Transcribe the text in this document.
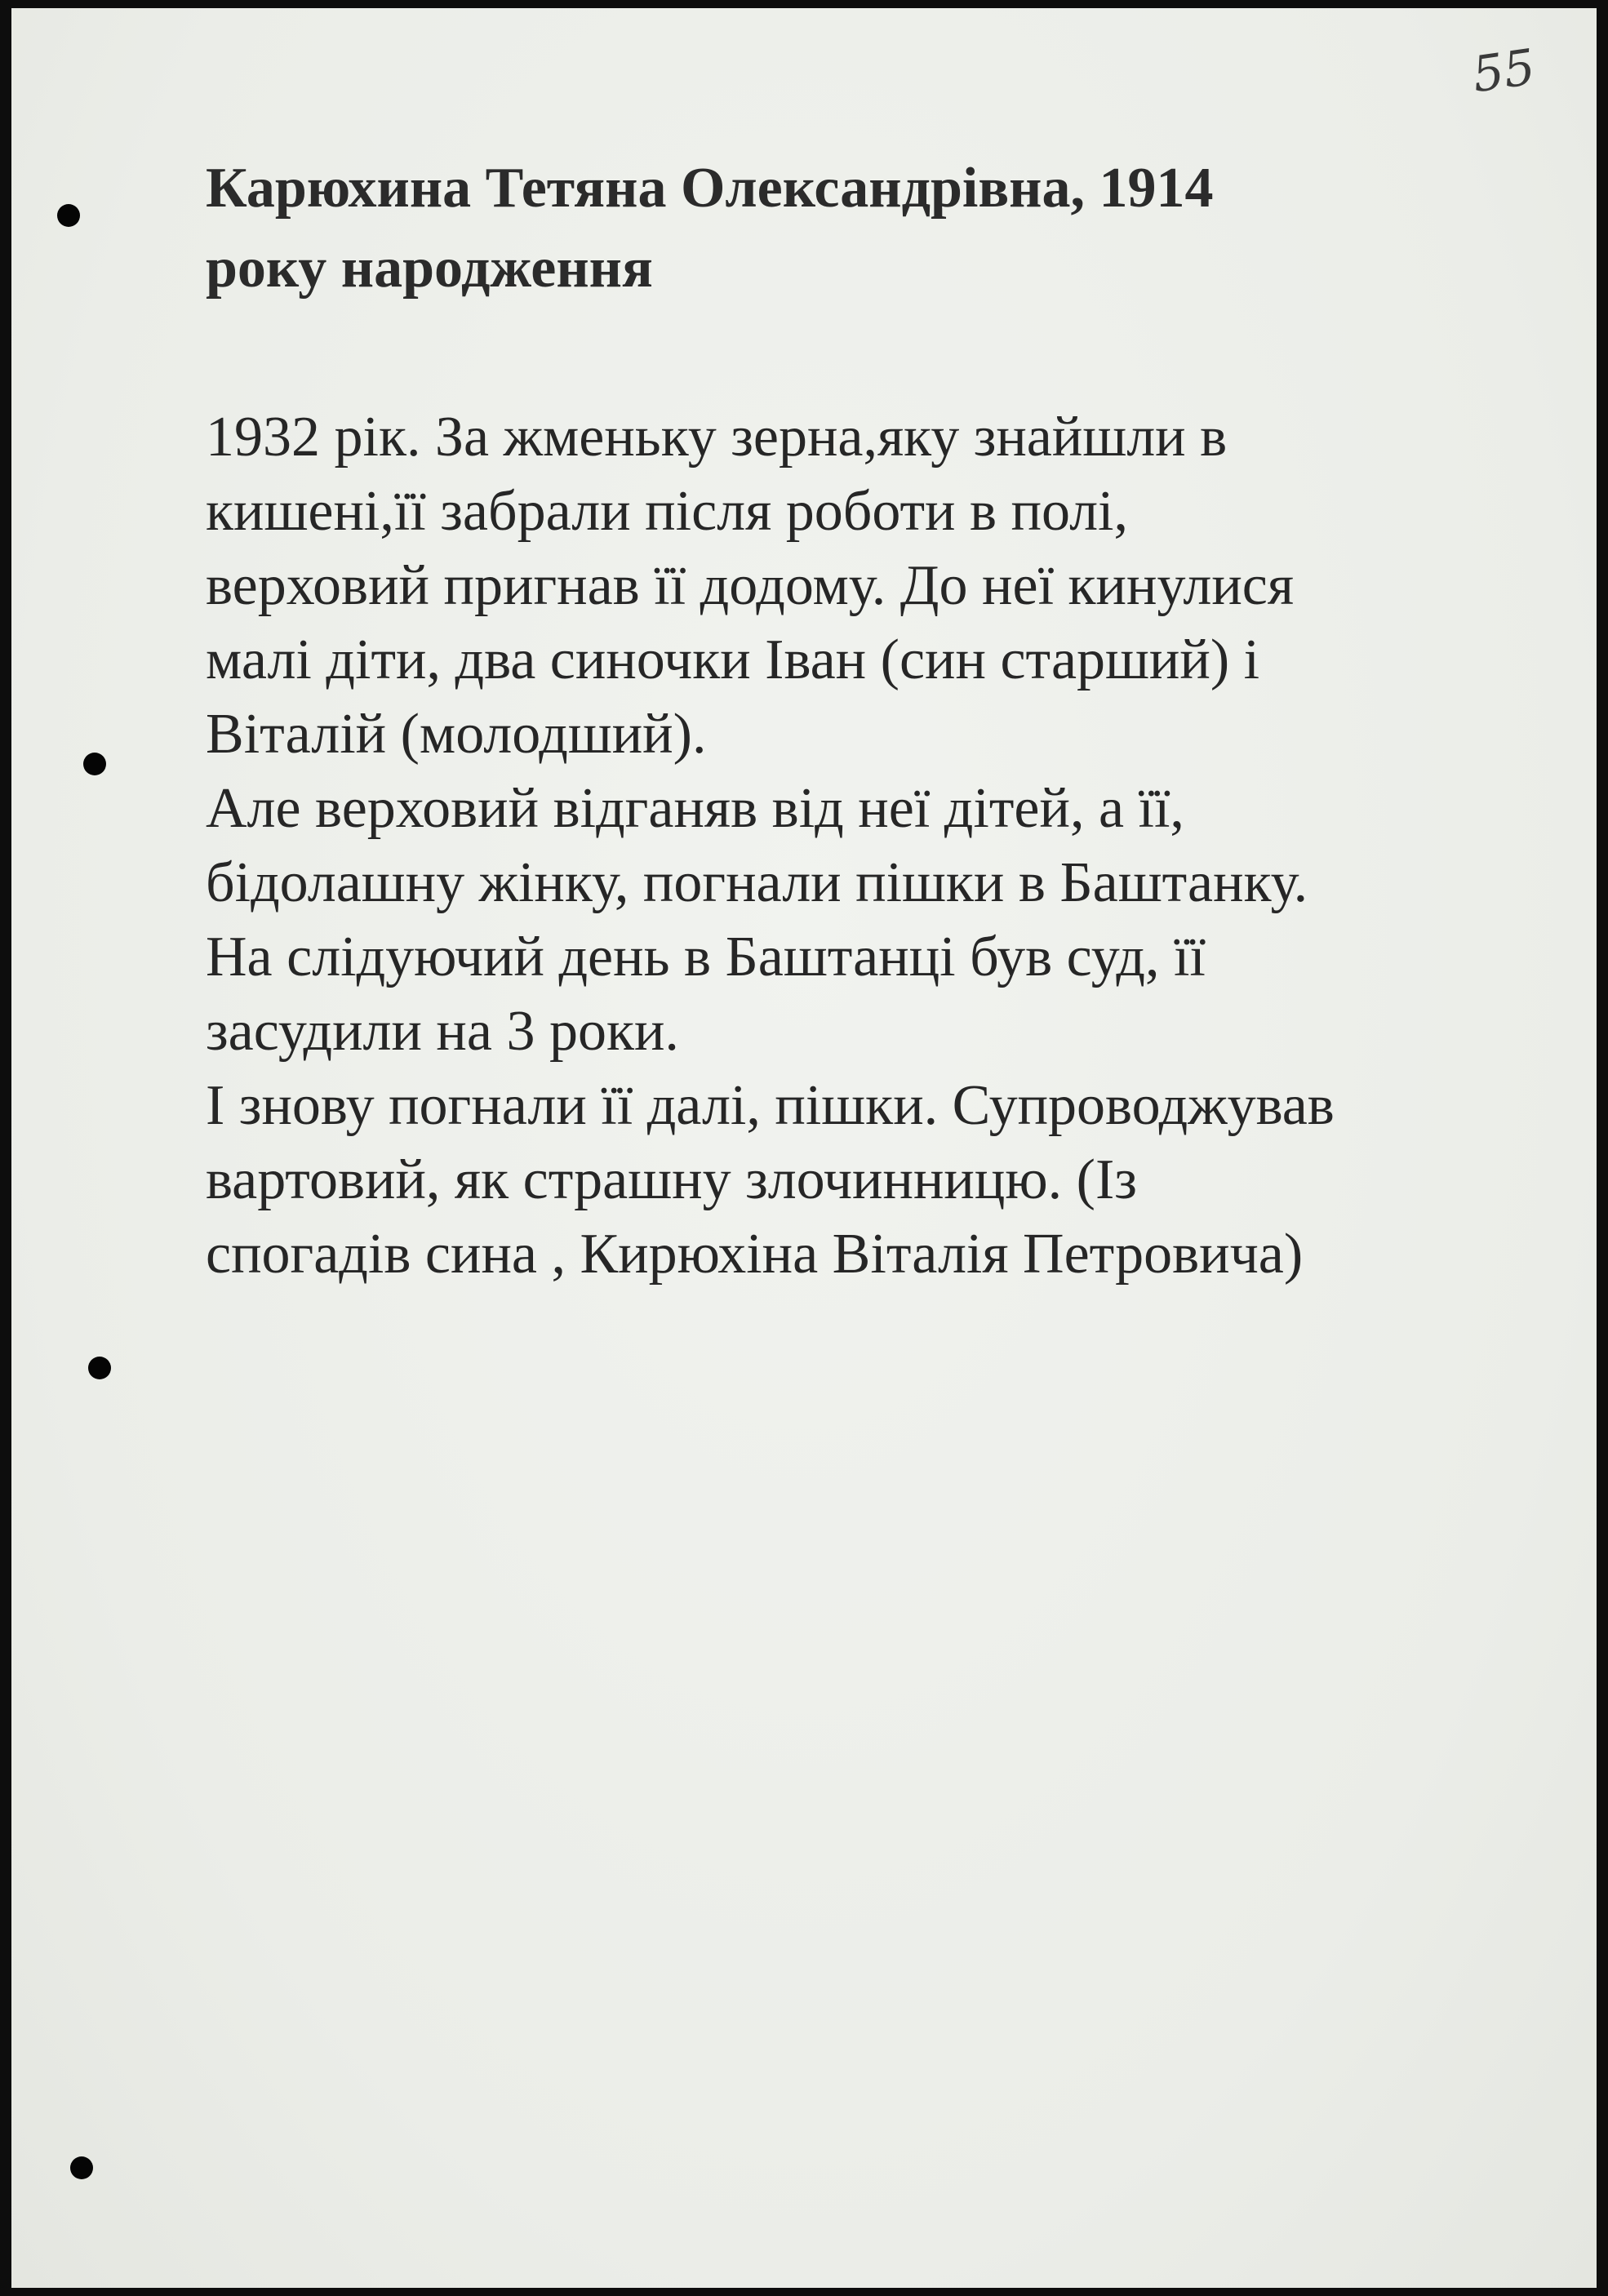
55
Карюхина Тетяна Олександрівна, 1914
року народження

1932 рік. За жменьку зерна,яку знайшли в
кишені,її забрали після роботи в полі,
верховий пригнав її додому. До неї кинулися
малі діти, два синочки Іван (син старший) і
Віталій (молодший).
Але верховий відганяв від неї дітей, а її,
бідолашну жінку, погнали пішки в Баштанку.
На слідуючий день в Баштанці був суд, її
засудили на 3 роки.
І знову погнали її далі, пішки. Супроводжував
вартовий, як страшну злочинницю. (Із
спогадів сина , Кирюхіна Віталія Петровича)
